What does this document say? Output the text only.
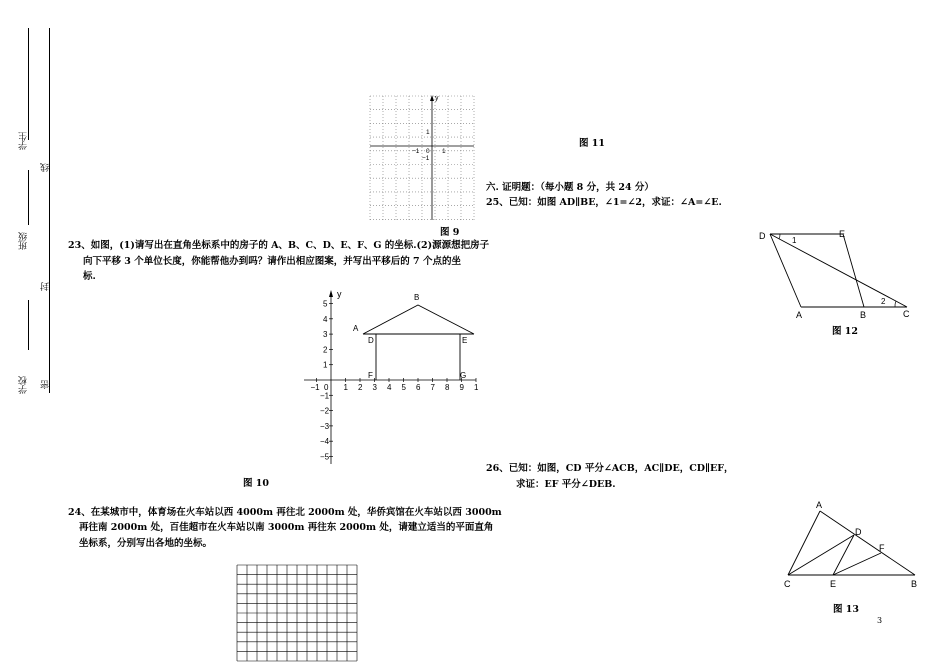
学生
班级
学校
线
封
密
y
1
−1 0 1
−1
图 9
23、如图，(1)请写出在直角坐标系中的房子的 A、B、C、D、E、F、G 的坐标.(2)源源想把房子
向下平移 3 个单位长度，你能帮他办到吗？请作出相应图案，并写出平移后的 7 个点的坐
标.
−1 0 1 2 3 4 5 6 7 8 9 1
5
4
3
2
1
−1
−2
−3
−4
−5
y
A
B
D	E
F	G
图 10
24、在某城市中，体育场在火车站以西 4000m 再往北 2000m 处，华侨宾馆在火车站以西 3000m
再往南 2000m 处，百佳超市在火车站以南 3000m 再往东 2000m 处，请建立适当的平面直角
坐标系，分别写出各地的坐标。
图 11
六. 证明题：（每小题 8 分，共 24 分）
25、已知：如图 AD∥BE，∠1=∠2，求证：∠A=∠E.
D	E
A	B	C
1
2
图 12
26、已知：如图，CD 平分∠ACB，AC∥DE，CD∥EF，
求证：EF 平分∠DEB.
A
D
F
C	E	B
图 13
3
